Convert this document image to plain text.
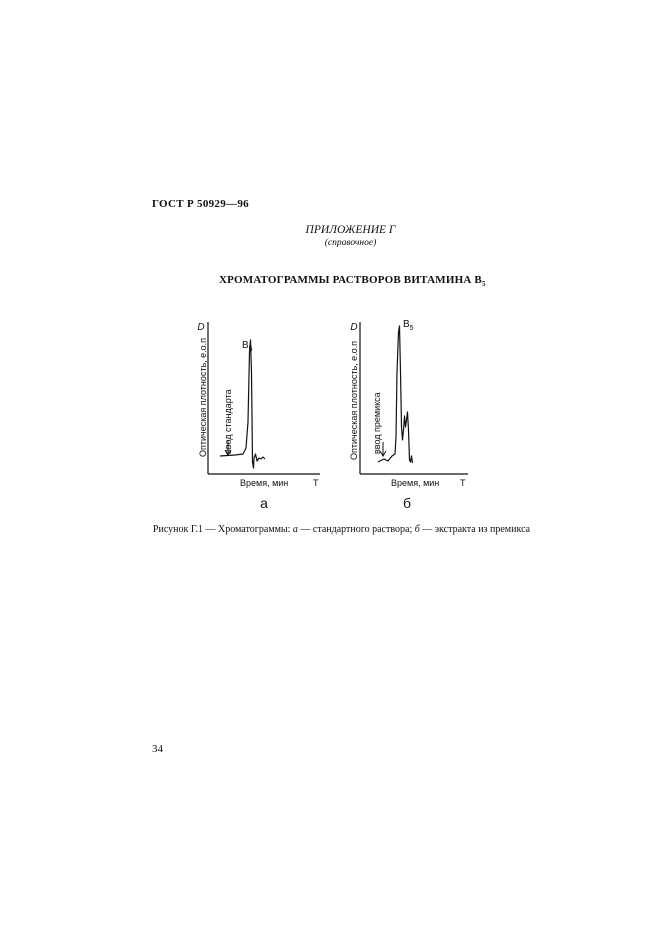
ГОСТ Р 50929—96
ПРИЛОЖЕНИЕ Г
(справочное)
ХРОМАТОГРАММЫ РАСТВОРОВ ВИТАМИНА $B_5$
D
Оптическая плотность, е.о.п ввод стандарта
$B_5$
Время, мин	T
а
D
Оптическая плотность, е.о.п ввод премикса
$B_5$
Время, мин T
б
Рисунок Г.1 — Хроматограммы: а — стандартного раствора; б — экстракта из премикса
34
